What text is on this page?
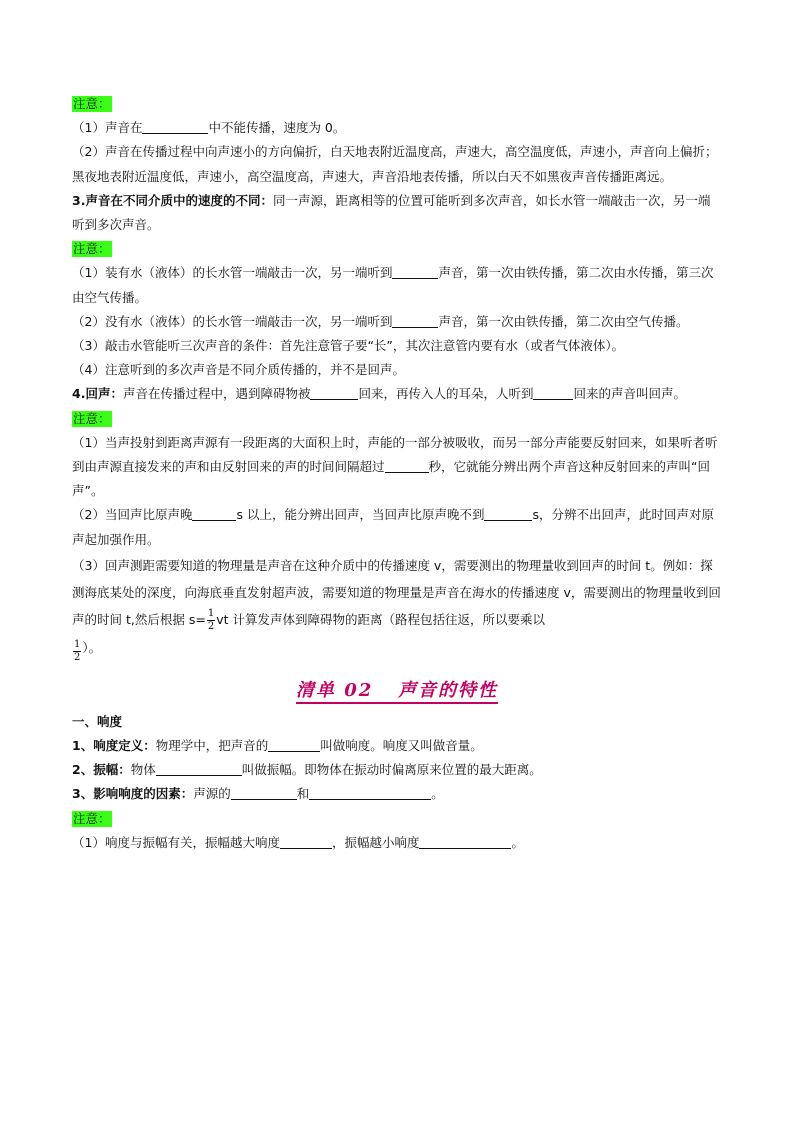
注意：

（1）声音在	中不能传播，速度为 0。

（2）声音在传播过程中向声速小的方向偏折，白天地表附近温度高，声速大，高空温度低，声速小，声音向上偏折；黑夜地表附近温度低，声速小，高空温度高，声速大，声音沿地表传播，所以白天不如黑夜声音传播距离远。

3.声音在不同介质中的速度的不同：同一声源，距离相等的位置可能听到多次声音，如长水管一端敲击一次，另一端听到多次声音。

注意：

（1）装有水（液体）的长水管一端敲击一次，另一端听到	声音，第一次由铁传播，第二次由水传播，第三次由空气传播。

（2）没有水（液体）的长水管一端敲击一次，另一端听到	声音，第一次由铁传播，第二次由空气传播。

（3）敲击水管能听三次声音的条件：首先注意管子要“长”，其次注意管内要有水（或者气体液体）。

（4）注意听到的多次声音是不同介质传播的，并不是回声。

4.回声：声音在传播过程中，遇到障碍物被	回来，再传入人的耳朵，人听到	回来的声音叫回声。

注意：

（1）当声投射到距离声源有一段距离的大面积上时，声能的一部分被吸收，而另一部分声能要反射回来，如果听者听到由声源直接发来的声和由反射回来的声的时间间隔超过	秒，它就能分辨出两个声音这种反射回来的声叫“回声”。

（2）当回声比原声晚	s 以上，能分辨出回声，当回声比原声晚不到	s，分辨不出回声，此时回声对原声起加强作用。

（3）回声测距需要知道的物理量是声音在这种介质中的传播速度 v，需要测出的物理量收到回声的时间 t。例如：探测海底某处的深度，向海底垂直发射超声波，需要知道的物理量是声音在海水的传播速度 v，需要测出的物理量收到回声的时间 t,然后根据 $s= \frac{1}{2}$ vt 计算发声体到障碍物的距离（路程包括往返，所以要乘以

$\frac{1}{2}$ ）。

清单 02 声音的特性

一、响度

1、响度定义：物理学中，把声音的	叫做响度。响度又叫做音量。

2、振幅：物体	叫做振幅。即物体在振动时偏离原来位置的最大距离。

3、影响响度的因素：声源的	和	。

注意：

（1）响度与振幅有关，振幅越大响度	，振幅越小响度	。
